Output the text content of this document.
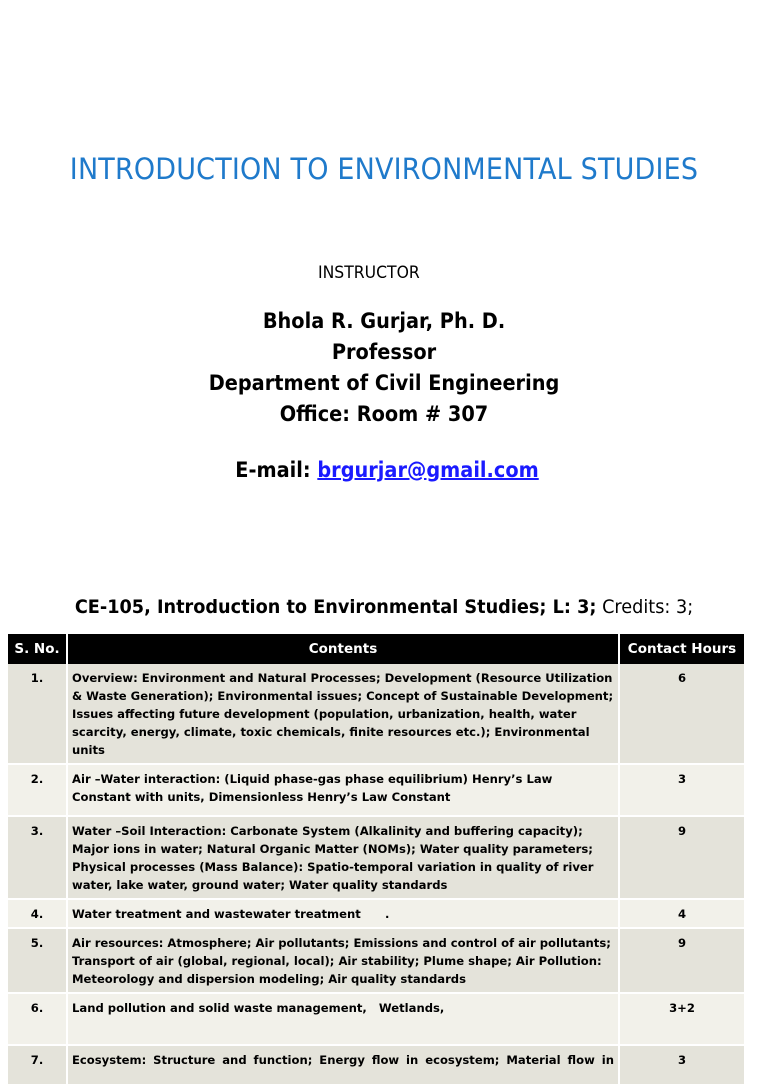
INTRODUCTION TO ENVIRONMENTAL STUDIES
INSTRUCTOR
Bhola R. Gurjar, Ph. D.
Professor
Department of Civil Engineering
Office: Room # 307
E-mail: brgurjar@gmail.com
CE-105, Introduction to Environmental Studies; L: 3; Credits: 3;
S. No.	Contents	Contact Hours
1.	Overview: Environment and Natural Processes; Development (Resource Utilization & Waste Generation); Environmental issues; Concept of Sustainable Development; Issues affecting future development (population, urbanization, health, water scarcity, energy, climate, toxic chemicals, finite resources etc.); Environmental units	6
2.	Air –Water interaction: (Liquid phase-gas phase equilibrium) Henry’s Law Constant with units, Dimensionless Henry’s Law Constant	3
3.	Water –Soil Interaction: Carbonate System (Alkalinity and buffering capacity); Major ions in water; Natural Organic Matter (NOMs); Water quality parameters; Physical processes (Mass Balance): Spatio-temporal variation in quality of river water, lake water, ground water; Water quality standards	9
4.	Water treatment and wastewater treatment      .	4
5.	Air resources: Atmosphere; Air pollutants; Emissions and control of air pollutants; Transport of air (global, regional, local); Air stability; Plume shape; Air Pollution: Meteorology and dispersion modeling; Air quality standards	9
6.	Land pollution and solid waste management,   Wetlands,	3+2
7.	Ecosystem: Structure and function; Energy flow in ecosystem; Material flow in	3
